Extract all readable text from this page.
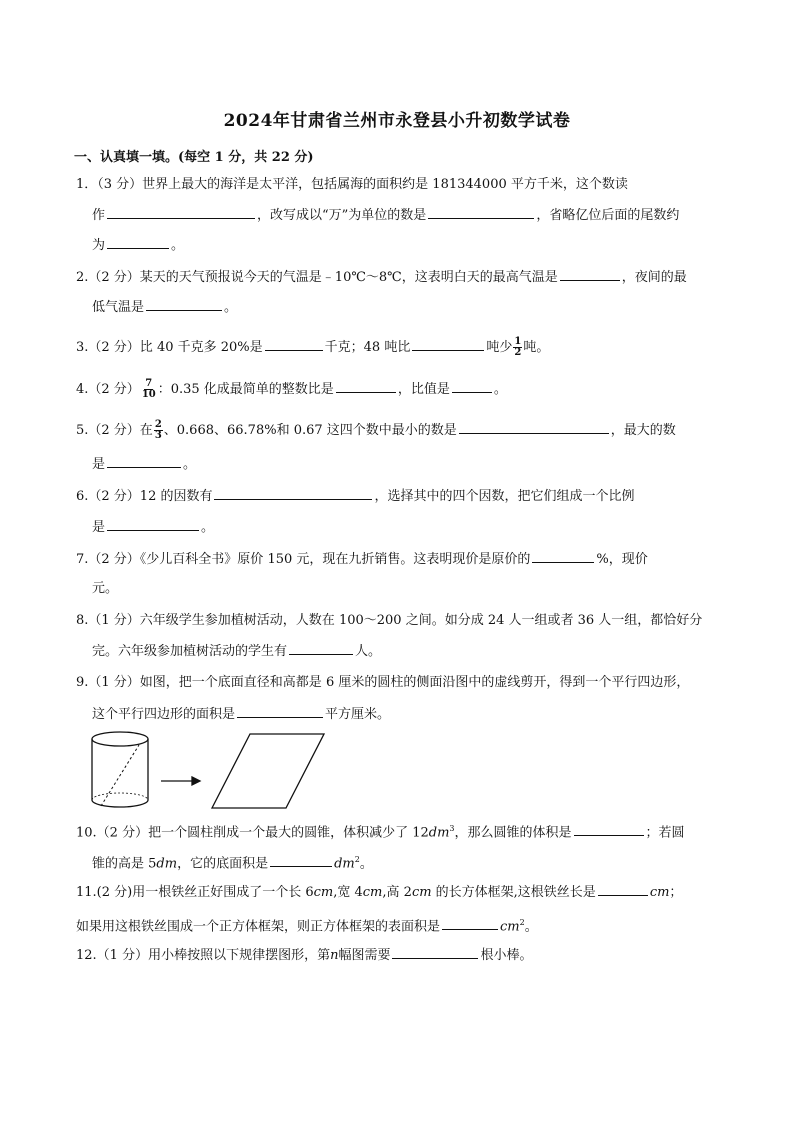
2024年甘肃省兰州市永登县小升初数学试卷
一、认真填一填。(每空 1 分，共 22 分)
1．（3 分）世界上最大的海洋是太平洋，包括属海的面积约是 181344000 平方千米，这个数读
作	，改写成以“万”为单位的数是	，省略亿位后面的尾数约
为	。
2.（2 分）某天的天气预报说今天的气温是﹣10℃～8℃，这表明白天的最高气温是	，夜间的最
低气温是	。
3.（2 分）比 40 千克多 20%是	千克；48 吨比	吨少 $\frac{1}{2}$ 吨。
4.（2 分） $\frac{7}{10}$ ：0.35 化成最简单的整数比是	，比值是	。
5.（2 分）在 $\frac{2}{3}$ 、0.668、66.78%和 0.67 这四个数中最小的数是	，最大的数
是	。
6.（2 分）12 的因数有	，选择其中的四个因数，把它们组成一个比例
是	。
7.（2 分）《少儿百科全书》原价 150 元，现在九折销售。这表明现价是原价的	%，现价
元。
8.（1 分）六年级学生参加植树活动，人数在 100～200 之间。如分成 24 人一组或者 36 人一组，都恰好分
完。六年级参加植树活动的学生有	人。
9.（1 分）如图，把一个底面直径和高都是 6 厘米的圆柱的侧面沿图中的虚线剪开，得到一个平行四边形，
这个平行四边形的面积是	平方厘米。
10.（2 分）把一个圆柱削成一个最大的圆锥，体积减少了 $12dm^3$，那么圆锥的体积是	；若圆
锥的高是 5dm，它的底面积是	$dm^2$。
11.(2 分)用一根铁丝正好围成了一个长 6cm,宽 4cm,高 2cm 的长方体框架,这根铁丝长是	cm；
如果用这根铁丝围成一个正方体框架，则正方体框架的表面积是	$cm^2$。
12.（1 分）用小棒按照以下规律摆图形，第n幅图需要	根小棒。
